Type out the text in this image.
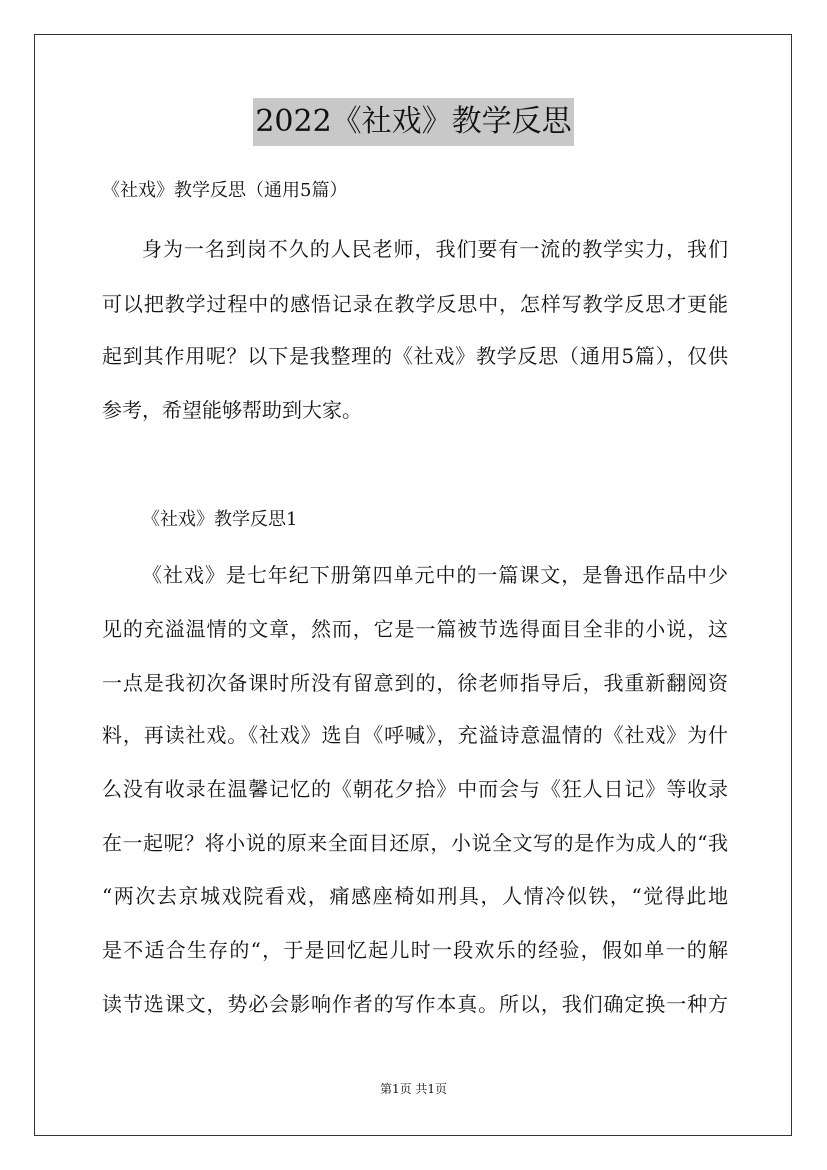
2022《社戏》教学反思
《社戏》教学反思（通用5篇）
身为一名到岗不久的人民老师，我们要有一流的教学实力，我们
可以把教学过程中的感悟记录在教学反思中，怎样写教学反思才更能
起到其作用呢？以下是我整理的《社戏》教学反思（通用5篇），仅供
参考，希望能够帮助到大家。
《社戏》教学反思1
《社戏》是七年纪下册第四单元中的一篇课文，是鲁迅作品中少
见的充溢温情的文章，然而，它是一篇被节选得面目全非的小说，这
一点是我初次备课时所没有留意到的，徐老师指导后，我重新翻阅资
料，再读社戏。《社戏》选自《呼喊》，充溢诗意温情的《社戏》为什
么没有收录在温馨记忆的《朝花夕拾》中而会与《狂人日记》等收录
在一起呢？将小说的原来全面目还原，小说全文写的是作为成人的“我
“两次去京城戏院看戏，痛感座椅如刑具，人情冷似铁，“觉得此地
是不适合生存的“，于是回忆起儿时一段欢乐的经验，假如单一的解
读节选课文，势必会影响作者的写作本真。所以，我们确定换一种方
第1页 共1页
